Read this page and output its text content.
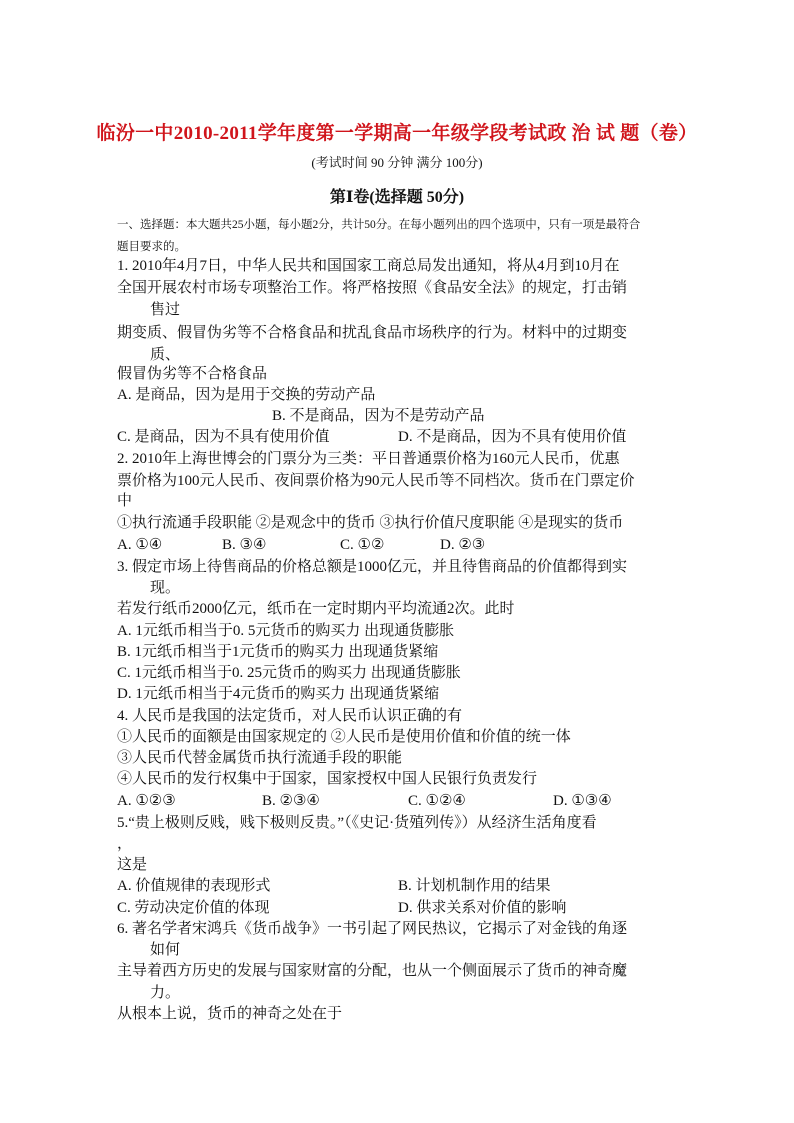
临汾一中2010-2011学年度第一学期高一年级学段考试政 治 试 题（卷）
(考试时间 90 分钟 满分 100分)
第Ⅰ卷(选择题 50分)
一、选择题：本大题共25小题，每小题2分，共计50分。在每小题列出的四个选项中，只有一项是最符合
题目要求的。
1. 2010年4月7日，中华人民共和国国家工商总局发出通知，将从4月到10月在
全国开展农村市场专项整治工作。将严格按照《食品安全法》的规定，打击销
售过
期变质、假冒伪劣等不合格食品和扰乱食品市场秩序的行为。材料中的过期变
质、
假冒伪劣等不合格食品
A. 是商品，因为是用于交换的劳动产品
B. 不是商品，因为不是劳动产品
C. 是商品，因为不具有使用价值	D. 不是商品，因为不具有使用价值
2. 2010年上海世博会的门票分为三类：平日普通票价格为160元人民币，优惠
票价格为100元人民币、夜间票价格为90元人民币等不同档次。货币在门票定价
中
①执行流通手段职能 ②是观念中的货币 ③执行价值尺度职能 ④是现实的货币
A. ①④	B. ③④	C. ①②	D. ②③
3. 假定市场上待售商品的价格总额是1000亿元，并且待售商品的价值都得到实
现。
若发行纸币2000亿元，纸币在一定时期内平均流通2次。此时
A. 1元纸币相当于0. 5元货币的购买力 出现通货膨胀
B. 1元纸币相当于1元货币的购买力 出现通货紧缩
C. 1元纸币相当于0. 25元货币的购买力 出现通货膨胀
D. 1元纸币相当于4元货币的购买力 出现通货紧缩
4. 人民币是我国的法定货币，对人民币认识正确的有
①人民币的面额是由国家规定的 ②人民币是使用价值和价值的统一体
③人民币代替金属货币执行流通手段的职能
④人民币的发行权集中于国家，国家授权中国人民银行负责发行
A. ①②③	B. ②③④	C. ①②④	D. ①③④
5.“贵上极则反贱，贱下极则反贵。”（《史记·货殖列传》）从经济生活角度看
，
这是
A. 价值规律的表现形式	B. 计划机制作用的结果
C. 劳动决定价值的体现	D. 供求关系对价值的影响
6. 著名学者宋鸿兵《货币战争》一书引起了网民热议，它揭示了对金钱的角逐
如何
主导着西方历史的发展与国家财富的分配，也从一个侧面展示了货币的神奇魔
力。
从根本上说，货币的神奇之处在于
